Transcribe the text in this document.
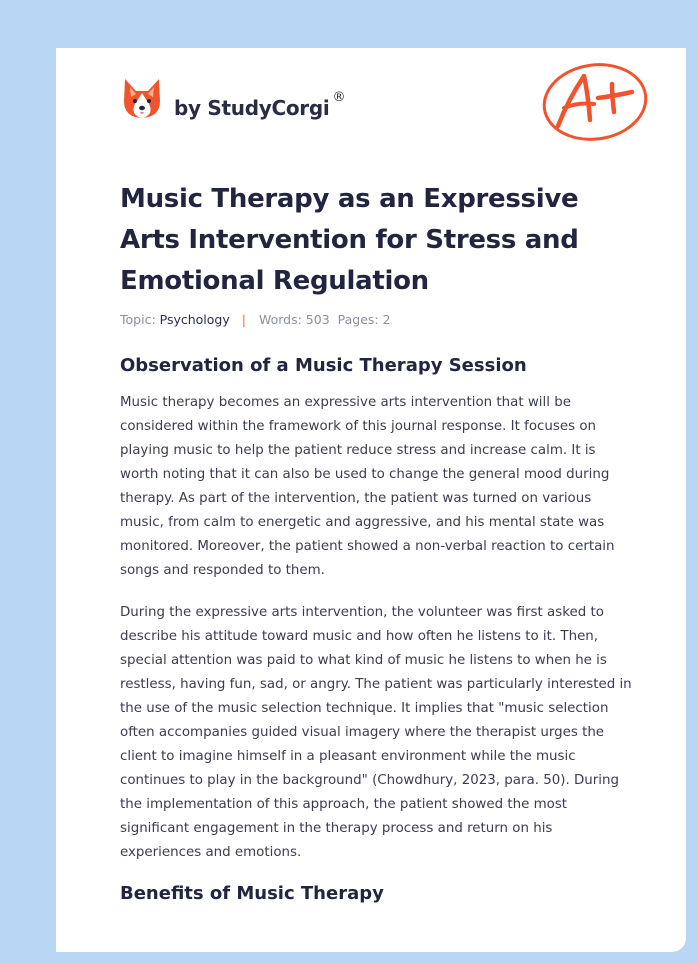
by StudyCorgi ®
Music Therapy as an Expressive Arts Intervention for Stress and Emotional Regulation
Topic: Psychology | Words: 503 Pages: 2
Observation of a Music Therapy Session

Music therapy becomes an expressive arts intervention that will be considered within the framework of this journal response. It focuses on playing music to help the patient reduce stress and increase calm. It is worth noting that it can also be used to change the general mood during therapy. As part of the intervention, the patient was turned on various music, from calm to energetic and aggressive, and his mental state was monitored. Moreover, the patient showed a non-verbal reaction to certain songs and responded to them.

During the expressive arts intervention, the volunteer was first asked to describe his attitude toward music and how often he listens to it. Then, special attention was paid to what kind of music he listens to when he is restless, having fun, sad, or angry. The patient was particularly interested in the use of the music selection technique. It implies that "music selection often accompanies guided visual imagery where the therapist urges the client to imagine himself in a pleasant environment while the music continues to play in the background" (Chowdhury, 2023, para. 50). During the implementation of this approach, the patient showed the most significant engagement in the therapy process and return on his experiences and emotions.

Benefits of Music Therapy
